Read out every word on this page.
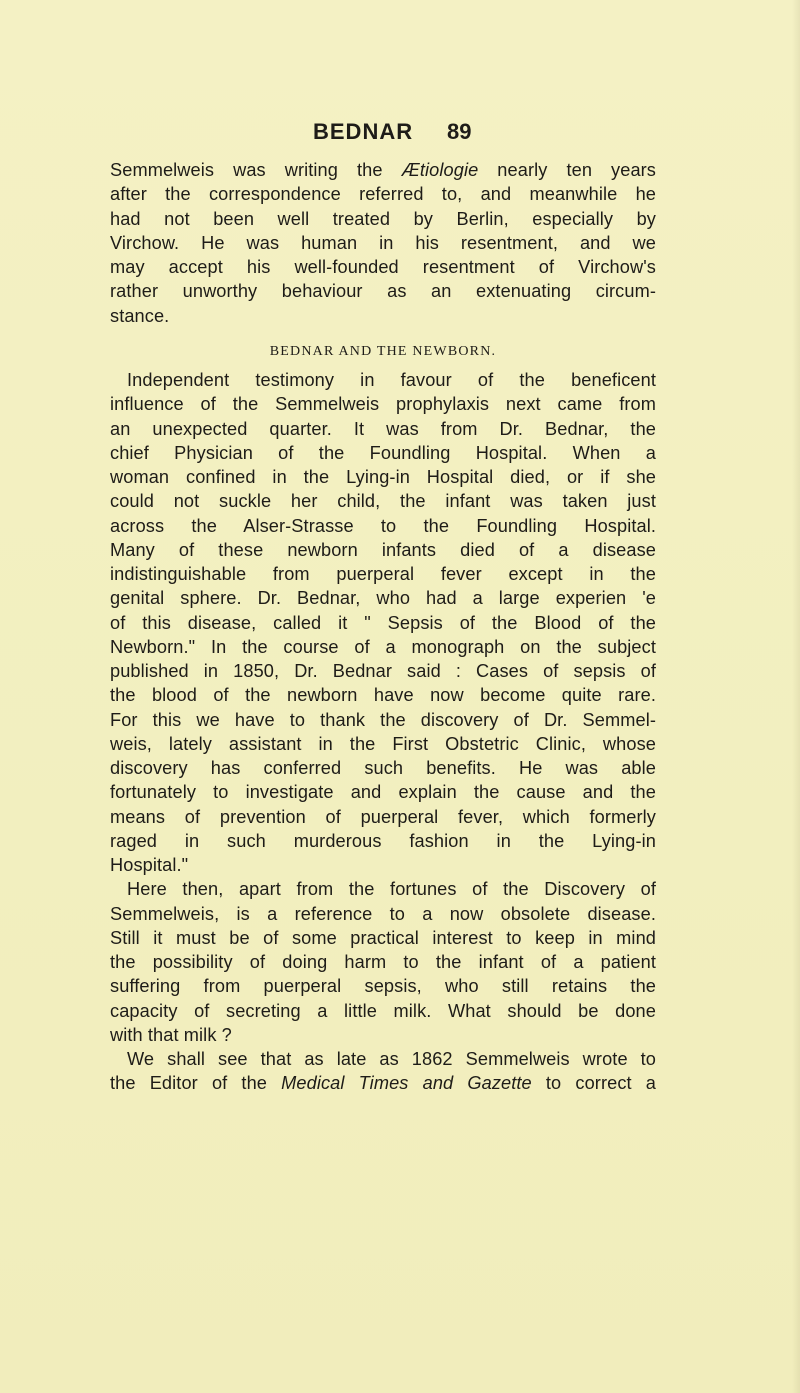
BEDNAR 89
Semmelweis was writing the Ætiologie nearly ten years
after the correspondence referred to, and meanwhile he
had not been well treated by Berlin, especially by
Virchow. He was human in his resentment, and we
may accept his well-founded resentment of Virchow's
rather unworthy behaviour as an extenuating circum-
stance.
BEDNAR AND THE NEWBORN.
Independent testimony in favour of the beneficent
influence of the Semmelweis prophylaxis next came from
an unexpected quarter. It was from Dr. Bednar, the
chief Physician of the Foundling Hospital. When a
woman confined in the Lying-in Hospital died, or if she
could not suckle her child, the infant was taken just
across the Alser-Strasse to the Foundling Hospital.
Many of these newborn infants died of a disease
indistinguishable from puerperal fever except in the
genital sphere. Dr. Bednar, who had a large experien 'e
of this disease, called it " Sepsis of the Blood of the
Newborn." In the course of a monograph on the subject
published in 1850, Dr. Bednar said : Cases of sepsis of
the blood of the newborn have now become quite rare.
For this we have to thank the discovery of Dr. Semmel-
weis, lately assistant in the First Obstetric Clinic, whose
discovery has conferred such benefits. He was able
fortunately to investigate and explain the cause and the
means of prevention of puerperal fever, which formerly
raged in such murderous fashion in the Lying-in
Hospital."
Here then, apart from the fortunes of the Discovery of
Semmelweis, is a reference to a now obsolete disease.
Still it must be of some practical interest to keep in mind
the possibility of doing harm to the infant of a patient
suffering from puerperal sepsis, who still retains the
capacity of secreting a little milk. What should be done
with that milk ?
We shall see that as late as 1862 Semmelweis wrote to
the Editor of the Medical Times and Gazette to correct a
